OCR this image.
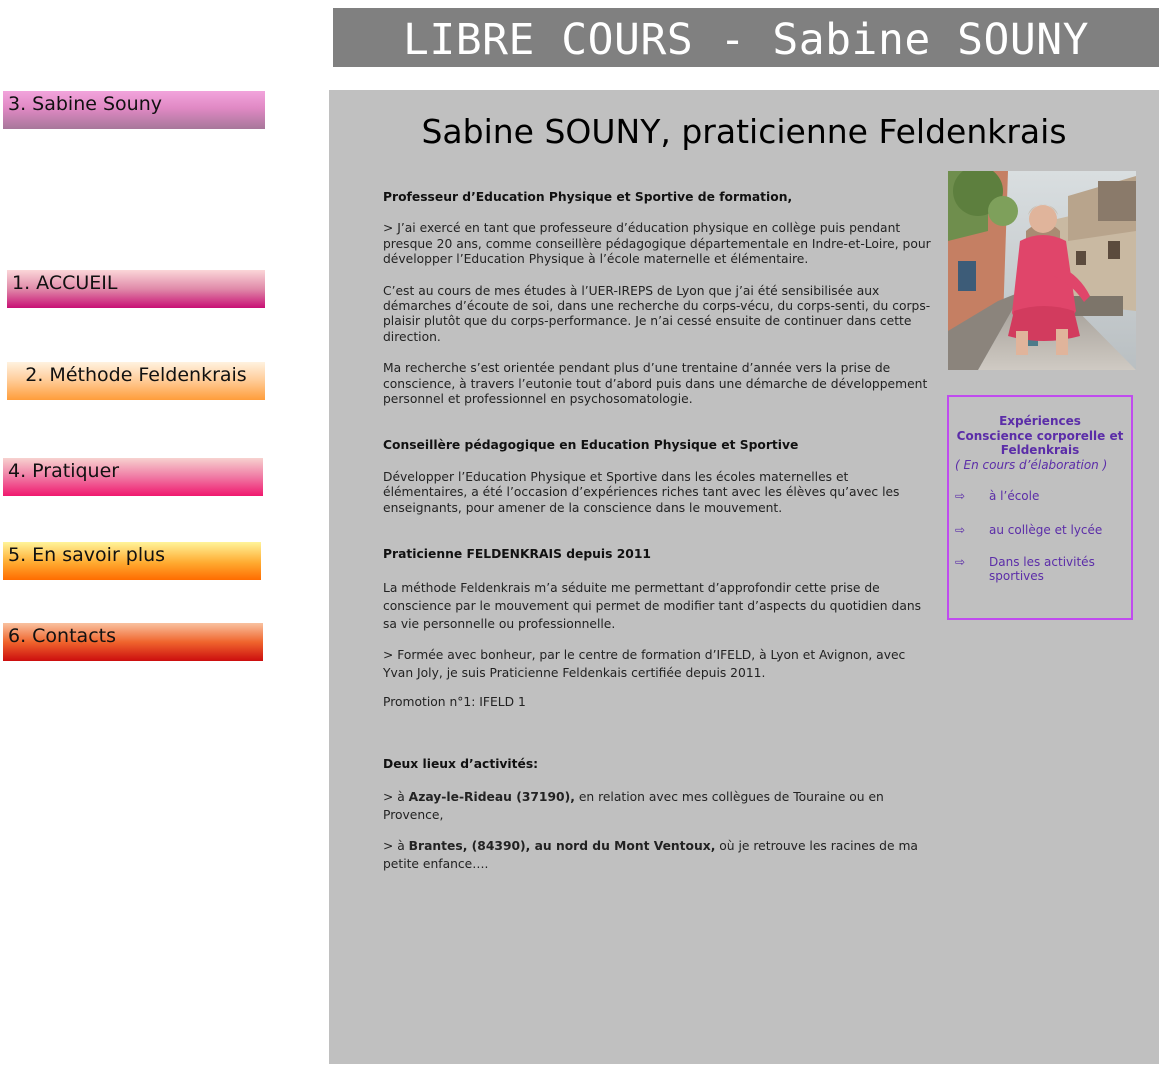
LIBRE COURS - Sabine SOUNY
3. Sabine Souny
1. ACCUEIL
2. Méthode Feldenkrais
4. Pratiquer
5. En savoir plus
6. Contacts
Sabine SOUNY, praticienne Feldenkrais

Professeur d’Education Physique et Sportive de formation,

> J’ai exercé en tant que professeure d’éducation physique en collège puis pendant presque 20 ans, comme conseillère pédagogique départementale en Indre-et-Loire, pour développer l’Education Physique à l’école maternelle et élémentaire.

C’est au cours de mes études à l’UER-IREPS de Lyon que j’ai été sensibilisée aux démarches d’écoute de soi, dans une recherche du corps-vécu, du corps-senti, du corps-plaisir plutôt que du corps-performance. Je n’ai cessé ensuite de continuer dans cette direction.

Ma recherche s’est orientée pendant plus d’une trentaine d’année vers la prise de conscience, à travers l’eutonie tout d’abord puis dans une démarche de développement personnel et professionnel en psychosomatologie.

Conseillère pédagogique en Education Physique et Sportive

Développer l’Education Physique et Sportive dans les écoles maternelles et élémentaires, a été l’occasion d’expériences riches tant avec les élèves qu’avec les enseignants, pour amener de la conscience dans le mouvement.

Praticienne FELDENKRAIS depuis 2011

La méthode Feldenkrais m’a séduite me permettant d’approfondir cette prise de conscience par le mouvement qui permet de modifier tant d’aspects du quotidien dans sa vie personnelle ou professionnelle.

> Formée avec bonheur, par le centre de formation d’IFELD, à Lyon et Avignon, avec Yvan Joly, je suis Praticienne Feldenkais certifiée depuis 2011.

Promotion n°1: IFELD 1

Deux lieux d’activités:

> à Azay-le-Rideau (37190), en relation avec mes collègues de Touraine ou en Provence,

> à Brantes, (84390), au nord du Mont Ventoux, où je retrouve les racines de ma petite enfance….

Expériences
Conscience corporelle et
Feldenkrais
( En cours d’élaboration )
⇨	à l’école
⇨	au collège et lycée
⇨	Dans les activités sportives
